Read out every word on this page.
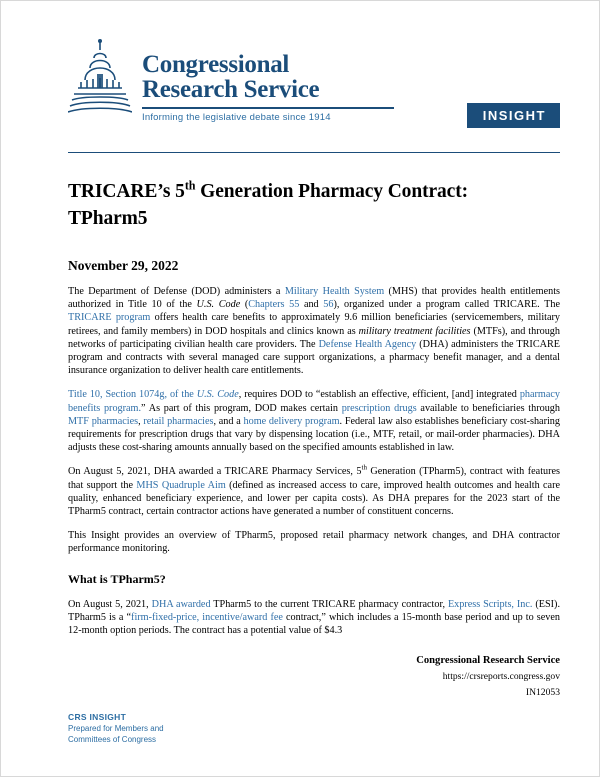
Congressional
Research Service
Informing the legislative debate since 1914	INSIGHT
TRICARE’s 5th Generation Pharmacy Contract:
TPharm5
November 29, 2022

The Department of Defense (DOD) administers a Military Health System (MHS) that provides health entitlements authorized in Title 10 of the U.S. Code (Chapters 55 and 56), organized under a program called TRICARE. The TRICARE program offers health care benefits to approximately 9.6 million beneficiaries (servicemembers, military retirees, and family members) in DOD hospitals and clinics known as military treatment facilities (MTFs), and through networks of participating civilian health care providers. The Defense Health Agency (DHA) administers the TRICARE program and contracts with several managed care support organizations, a pharmacy benefit manager, and a dental insurance organization to deliver health care entitlements.

Title 10, Section 1074g, of the U.S. Code, requires DOD to “establish an effective, efficient, [and] integrated pharmacy benefits program.” As part of this program, DOD makes certain prescription drugs available to beneficiaries through MTF pharmacies, retail pharmacies, and a home delivery program. Federal law also establishes beneficiary cost-sharing requirements for prescription drugs that vary by dispensing location (i.e., MTF, retail, or mail-order pharmacies). DHA adjusts these cost-sharing amounts annually based on the specified amounts established in law.

On August 5, 2021, DHA awarded a TRICARE Pharmacy Services, 5th Generation (TPharm5), contract with features that support the MHS Quadruple Aim (defined as increased access to care, improved health outcomes and health care quality, enhanced beneficiary experience, and lower per capita costs). As DHA prepares for the 2023 start of the TPharm5 contract, certain contractor actions have generated a number of constituent concerns.

This Insight provides an overview of TPharm5, proposed retail pharmacy network changes, and DHA contractor performance monitoring.

What is TPharm5?

On August 5, 2021, DHA awarded TPharm5 to the current TRICARE pharmacy contractor, Express Scripts, Inc. (ESI). TPharm5 is a “firm-fixed-price, incentive/award fee contract,” which includes a 15-month base period and up to seven 12-month option periods. The contract has a potential value of $4.3

Congressional Research Service
https://crsreports.congress.gov
IN12053
CRS INSIGHT
Prepared for Members and
Committees of Congress
